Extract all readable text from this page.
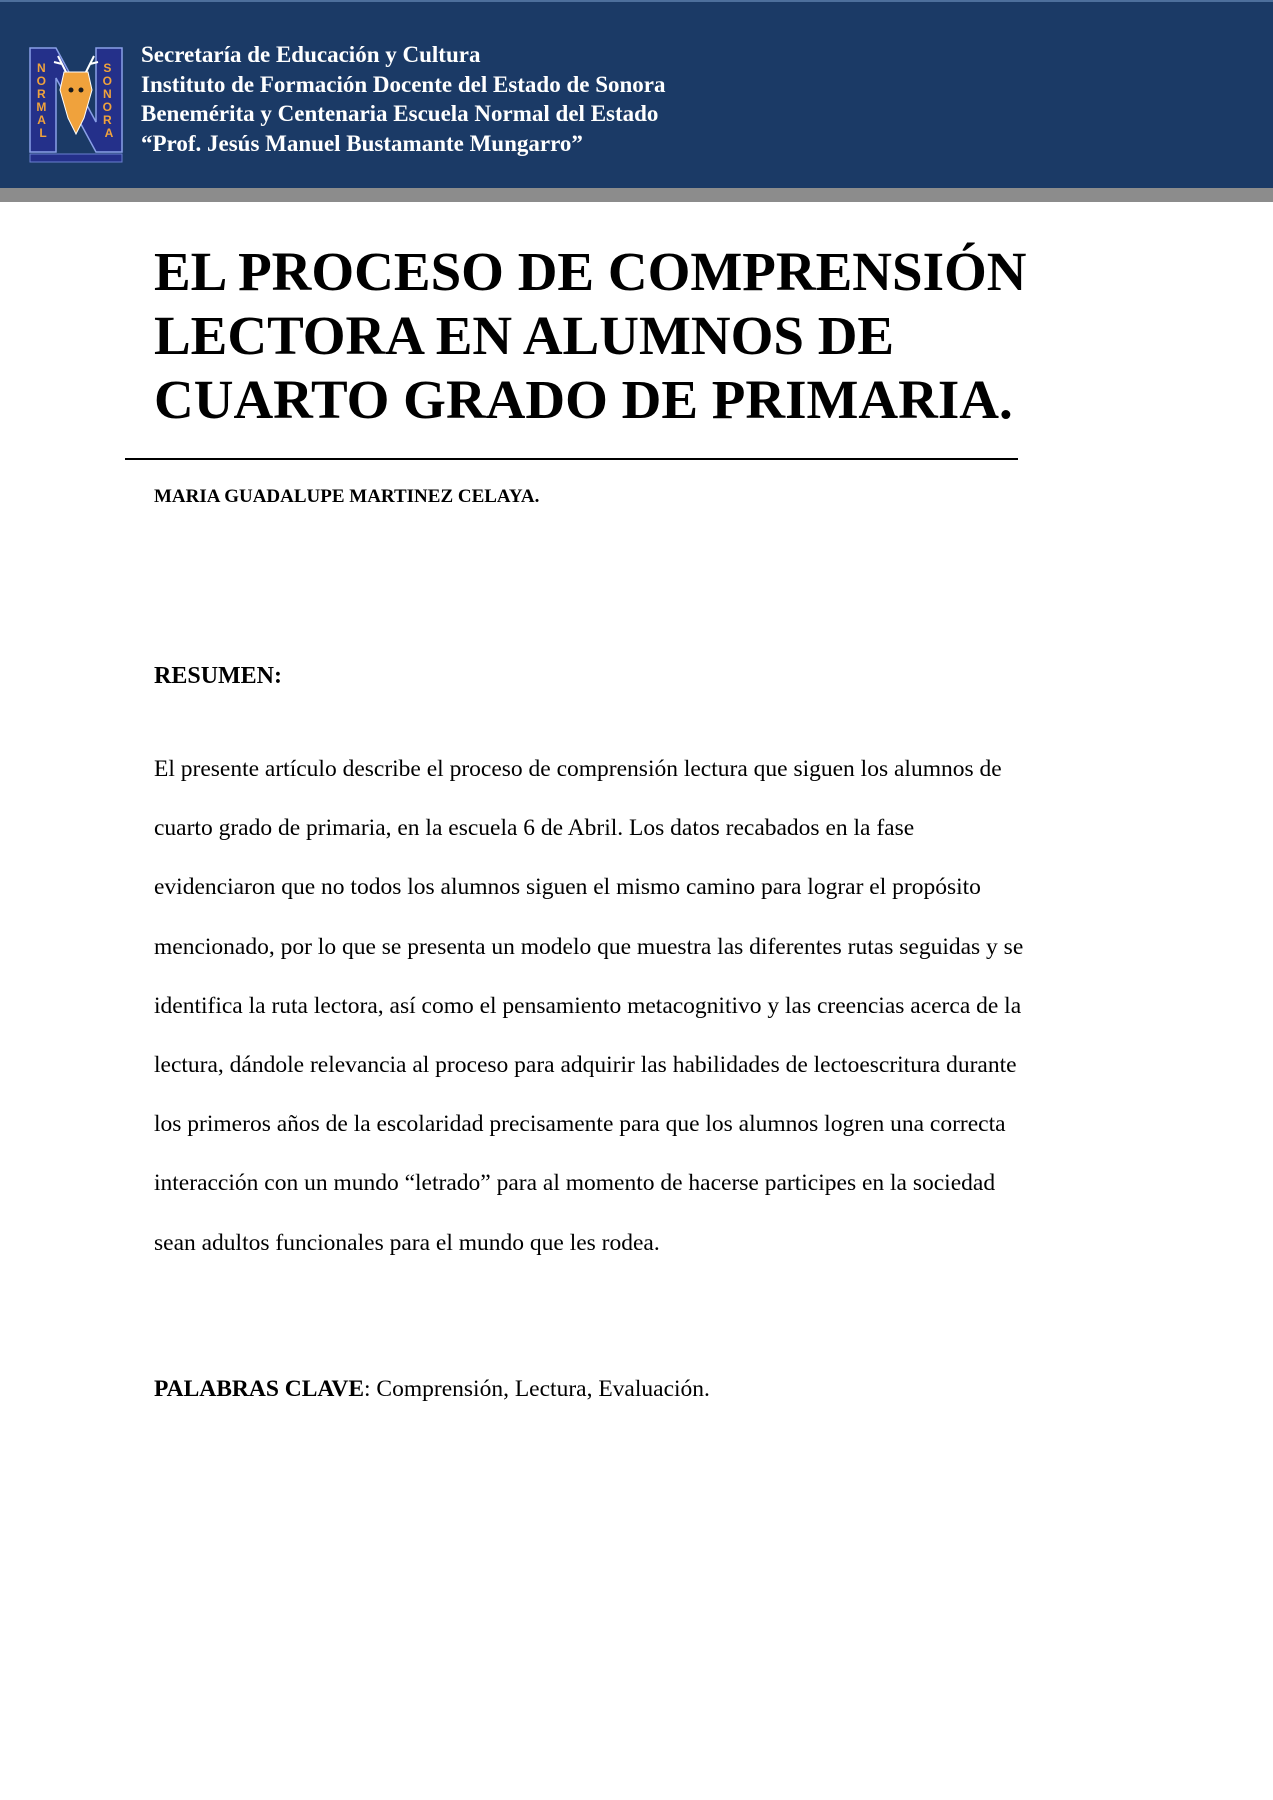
N O R M A L
S O N O R A
Secretaría de Educación y Cultura
Instituto de Formación Docente del Estado de Sonora
Benemérita y Centenaria Escuela Normal del Estado
“Prof. Jesús Manuel Bustamante Mungarro”
EL PROCESO DE COMPRENSIÓN
LECTORA EN ALUMNOS DE
CUARTO GRADO DE PRIMARIA.
MARIA GUADALUPE MARTINEZ CELAYA.
RESUMEN:
El presente artículo describe el proceso de comprensión lectura que siguen los alumnos de
cuarto grado de primaria, en la escuela 6 de Abril. Los datos recabados en la fase
evidenciaron que no todos los alumnos siguen el mismo camino para lograr el propósito
mencionado, por lo que se presenta un modelo que muestra las diferentes rutas seguidas y se
identifica la ruta lectora, así como el pensamiento metacognitivo y las creencias acerca de la
lectura, dándole relevancia al proceso para adquirir las habilidades de lectoescritura durante
los primeros años de la escolaridad precisamente para que los alumnos logren una correcta
interacción con un mundo “letrado” para al momento de hacerse participes en la sociedad
sean adultos funcionales para el mundo que les rodea.
PALABRAS CLAVE: Comprensión, Lectura, Evaluación.
